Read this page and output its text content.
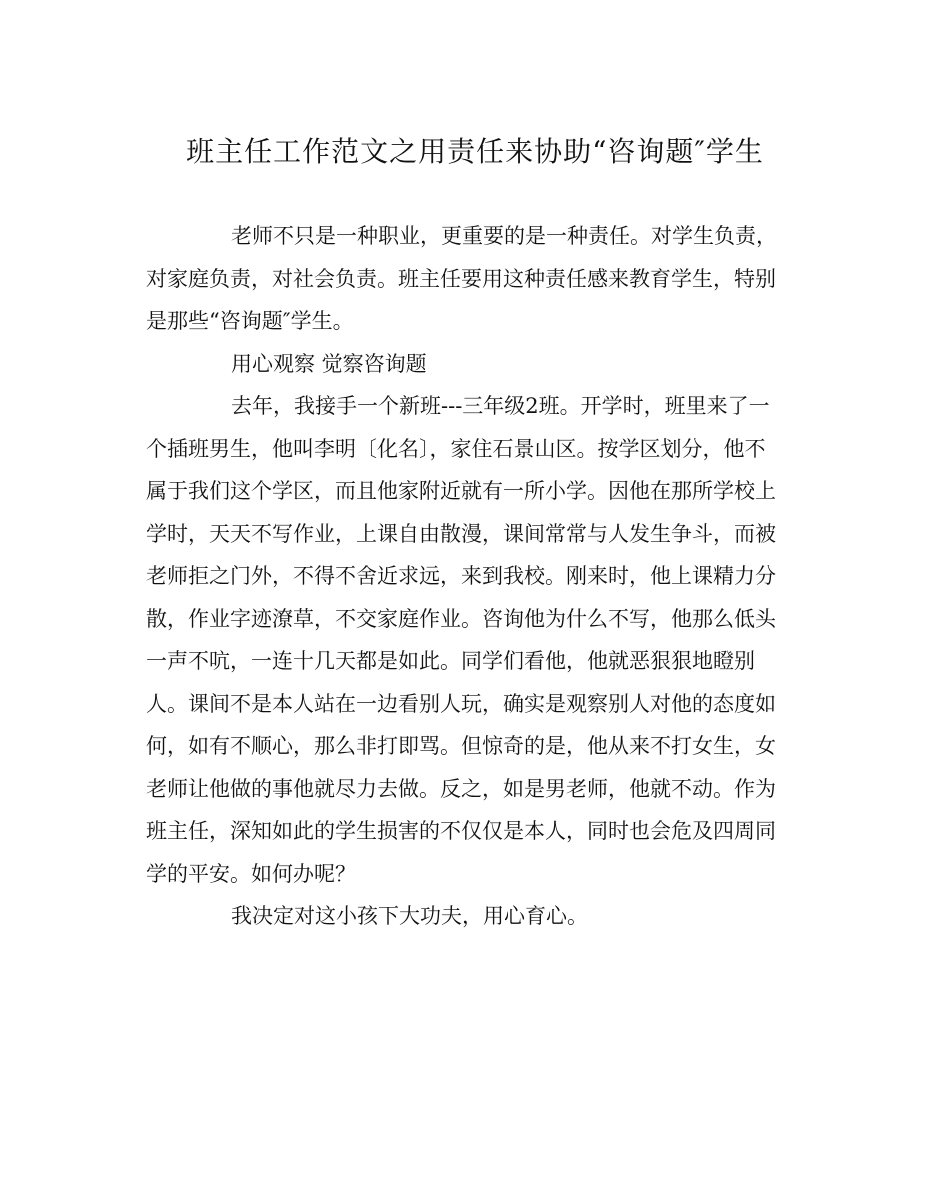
班主任工作范文之用责任来协助“咨询题″学生
老师不只是一种职业，更重要的是一种责任。对学生负责，
对家庭负责，对社会负责。班主任要用这种责任感来教育学生，特别
是那些“咨询题″学生。
用心观察 觉察咨询题
去年，我接手一个新班---三年级2班。开学时，班里来了一
个插班男生，他叫李明〔化名〕，家住石景山区。按学区划分，他不
属于我们这个学区，而且他家附近就有一所小学。因他在那所学校上
学时，天天不写作业，上课自由散漫，课间常常与人发生争斗，而被
老师拒之门外，不得不舍近求远，来到我校。刚来时，他上课精力分
散，作业字迹潦草，不交家庭作业。咨询他为什么不写，他那么低头
一声不吭，一连十几天都是如此。同学们看他，他就恶狠狠地瞪别
人。课间不是本人站在一边看别人玩，确实是观察别人对他的态度如
何，如有不顺心，那么非打即骂。但惊奇的是，他从来不打女生，女
老师让他做的事他就尽力去做。反之，如是男老师，他就不动。作为
班主任，深知如此的学生损害的不仅仅是本人，同时也会危及四周同
学的平安。如何办呢？
我决定对这小孩下大功夫，用心育心。
